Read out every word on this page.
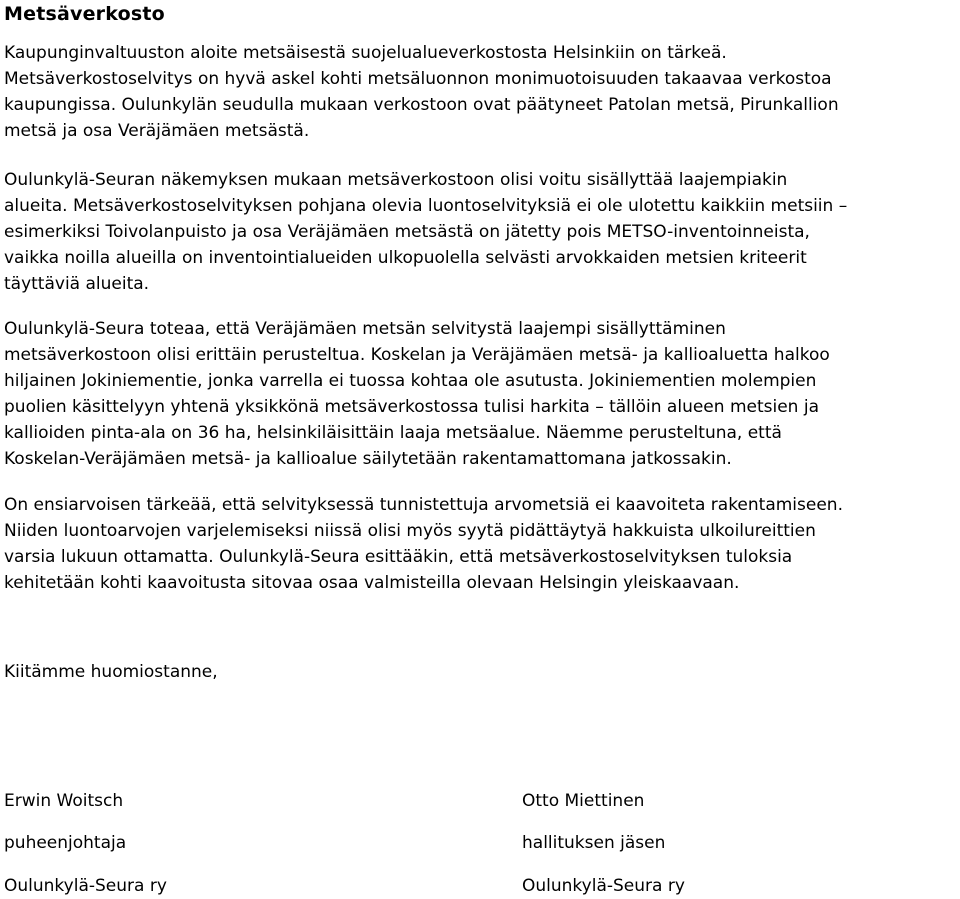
Metsäverkosto
Kaupunginvaltuuston aloite metsäisestä suojelualueverkostosta Helsinkiin on tärkeä.
Metsäverkostoselvitys on hyvä askel kohti metsäluonnon monimuotoisuuden takaavaa verkostoa
kaupungissa. Oulunkylän seudulla mukaan verkostoon ovat päätyneet Patolan metsä, Pirunkallion
metsä ja osa Veräjämäen metsästä.
Oulunkylä-Seuran näkemyksen mukaan metsäverkostoon olisi voitu sisällyttää laajempiakin
alueita. Metsäverkostoselvityksen pohjana olevia luontoselvityksiä ei ole ulotettu kaikkiin metsiin –
esimerkiksi Toivolanpuisto ja osa Veräjämäen metsästä on jätetty pois METSO-inventoinneista,
vaikka noilla alueilla on inventointialueiden ulkopuolella selvästi arvokkaiden metsien kriteerit
täyttäviä alueita.
Oulunkylä-Seura toteaa, että Veräjämäen metsän selvitystä laajempi sisällyttäminen
metsäverkostoon olisi erittäin perusteltua. Koskelan ja Veräjämäen metsä- ja kallioaluetta halkoo
hiljainen Jokiniementie, jonka varrella ei tuossa kohtaa ole asutusta. Jokiniementien molempien
puolien käsittelyyn yhtenä yksikkönä metsäverkostossa tulisi harkita – tällöin alueen metsien ja
kallioiden pinta-ala on 36 ha, helsinkiläisittäin laaja metsäalue. Näemme perusteltuna, että
Koskelan-Veräjämäen metsä- ja kallioalue säilytetään rakentamattomana jatkossakin.
On ensiarvoisen tärkeää, että selvityksessä tunnistettuja arvometsiä ei kaavoiteta rakentamiseen.
Niiden luontoarvojen varjelemiseksi niissä olisi myös syytä pidättäytyä hakkuista ulkoilureittien
varsia lukuun ottamatta. Oulunkylä-Seura esittääkin, että metsäverkostoselvityksen tuloksia
kehitetään kohti kaavoitusta sitovaa osaa valmisteilla olevaan Helsingin yleiskaavaan.
Kiitämme huomiostanne,
Erwin Woitsch
puheenjohtaja
Oulunkylä-Seura ry
Otto Miettinen
hallituksen jäsen
Oulunkylä-Seura ry
